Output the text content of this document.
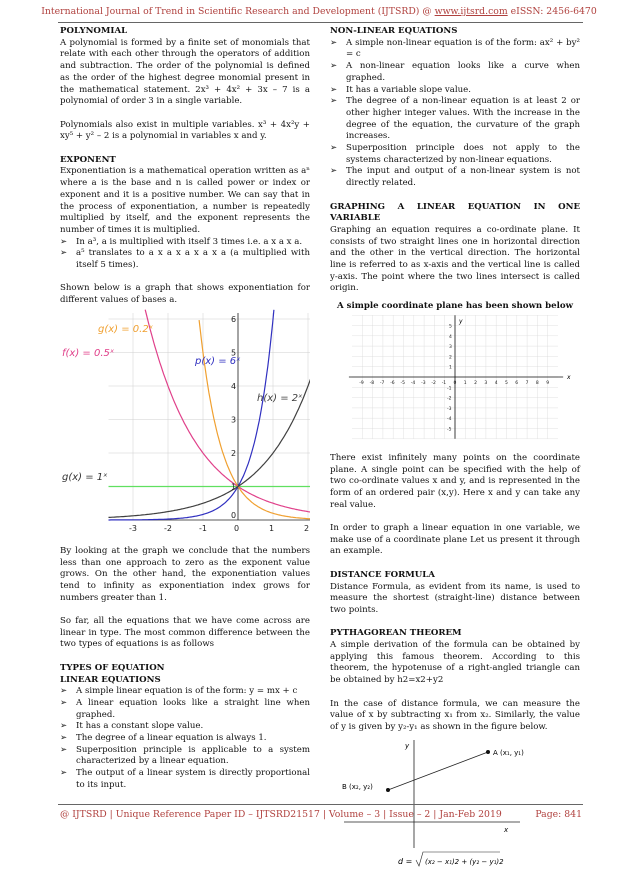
International Journal of Trend in Scientific Research and Development (IJTSRD) @ www.ijtsrd.com eISSN: 2456-6470
POLYNOMIAL

A polynomial is formed by a finite set of monomials that relate with each other through the operators of addition and subtraction. The order of the polynomial is defined as the order of the highest degree monomial present in the mathematical statement. 2x³ + 4x² + 3x – 7 is a polynomial of order 3 in a single variable.

Polynomials also exist in multiple variables. x³ + 4x²y + xy⁵ + y² – 2 is a polynomial in variables x and y.

EXPONENT

Exponentiation is a mathematical operation written as aⁿ where a is the base and n is called power or index or exponent and it is a positive number. We can say that in the process of exponentiation, a number is repeatedly multiplied by itself, and the exponent represents the number of times it is multiplied.

➢ In a³, a is multiplied with itself 3 times i.e. a x a x a.
➢ a⁵ translates to a x a x a x a x a (a multiplied with itself 5 times).

Shown below is a graph that shows exponentiation for different values of bases a.

-3	-2	-1	0	1	2
1
2
3
4
5
6
0
f(x) = 0.5ˣ
g(x) = 0.2ˣ
p(x) = 6ˣ
h(x) = 2ˣ
g(x) = 1ˣ

By looking at the graph we conclude that the numbers less than one approach to zero as the exponent value grows. On the other hand, the exponentiation values tend to infinity as exponentiation index grows for numbers greater than 1.

So far, all the equations that we have come across are linear in type. The most common difference between the two types of equations is as follows

TYPES OF EQUATION
LINEAR EQUATIONS
➢ A simple linear equation is of the form: y = mx + c
➢ A linear equation looks like a straight line when graphed.
➢ It has a constant slope value.
➢ The degree of a linear equation is always 1.
➢ Superposition principle is applicable to a system characterized by a linear equation.
➢ The output of a linear system is directly proportional to its input.
NON-LINEAR EQUATIONS
➢ A simple non-linear equation is of the form: ax² + by² = c
➢ A non-linear equation looks like a curve when graphed.
➢ It has a variable slope value.
➢ The degree of a non-linear equation is at least 2 or other higher integer values. With the increase in the degree of the equation, the curvature of the graph increases.
➢ Superposition principle does not apply to the systems characterized by non-linear equations.
➢ The input and output of a non-linear system is not directly related.
GRAPHING A LINEAR EQUATION IN ONE VARIABLE

Graphing an equation requires a co-ordinate plane. It consists of two straight lines one in horizontal direction and the other in the vertical direction. The horizontal line is referred to as x-axis and the vertical line is called y-axis. The point where the two lines intersect is called origin.

A simple coordinate plane has been shown below
-9 -8 -7 -6 -5 -4 -3 -2 -1 0 1 2 3 4 5 6 7 8 9
5
4
3
2
1
-1
-2
-3
-4
-5
x
y

There exist infinitely many points on the coordinate plane. A single point can be specified with the help of two co-ordinate values x and y, and is represented in the form of an ordered pair (x,y). Here x and y can take any real value.

In order to graph a linear equation in one variable, we make use of a coordinate plane Let us present it through an example.

DISTANCE FORMULA

Distance Formula, as evident from its name, is used to measure the shortest (straight-line) distance between two points.

PYTHAGOREAN THEOREM

A simple derivation of the formula can be obtained by applying this famous theorem. According to this theorem, the hypotenuse of a right-angled triangle can be obtained by h2=x2+y2

In the case of distance formula, we can measure the value of x by subtracting x₁ from x₂. Similarly, the value of y is given by y₂-y₁ as shown in the figure below.

A (x₁, y₁)
B (x₂, y₂)
y
x
d = (x₂ − x₁)2 + (y₂ − y₁)2
@ IJTSRD | Unique Reference Paper ID – IJTSRD21517 | Volume – 3 | Issue – 2 | Jan-Feb 2019	Page: 841
